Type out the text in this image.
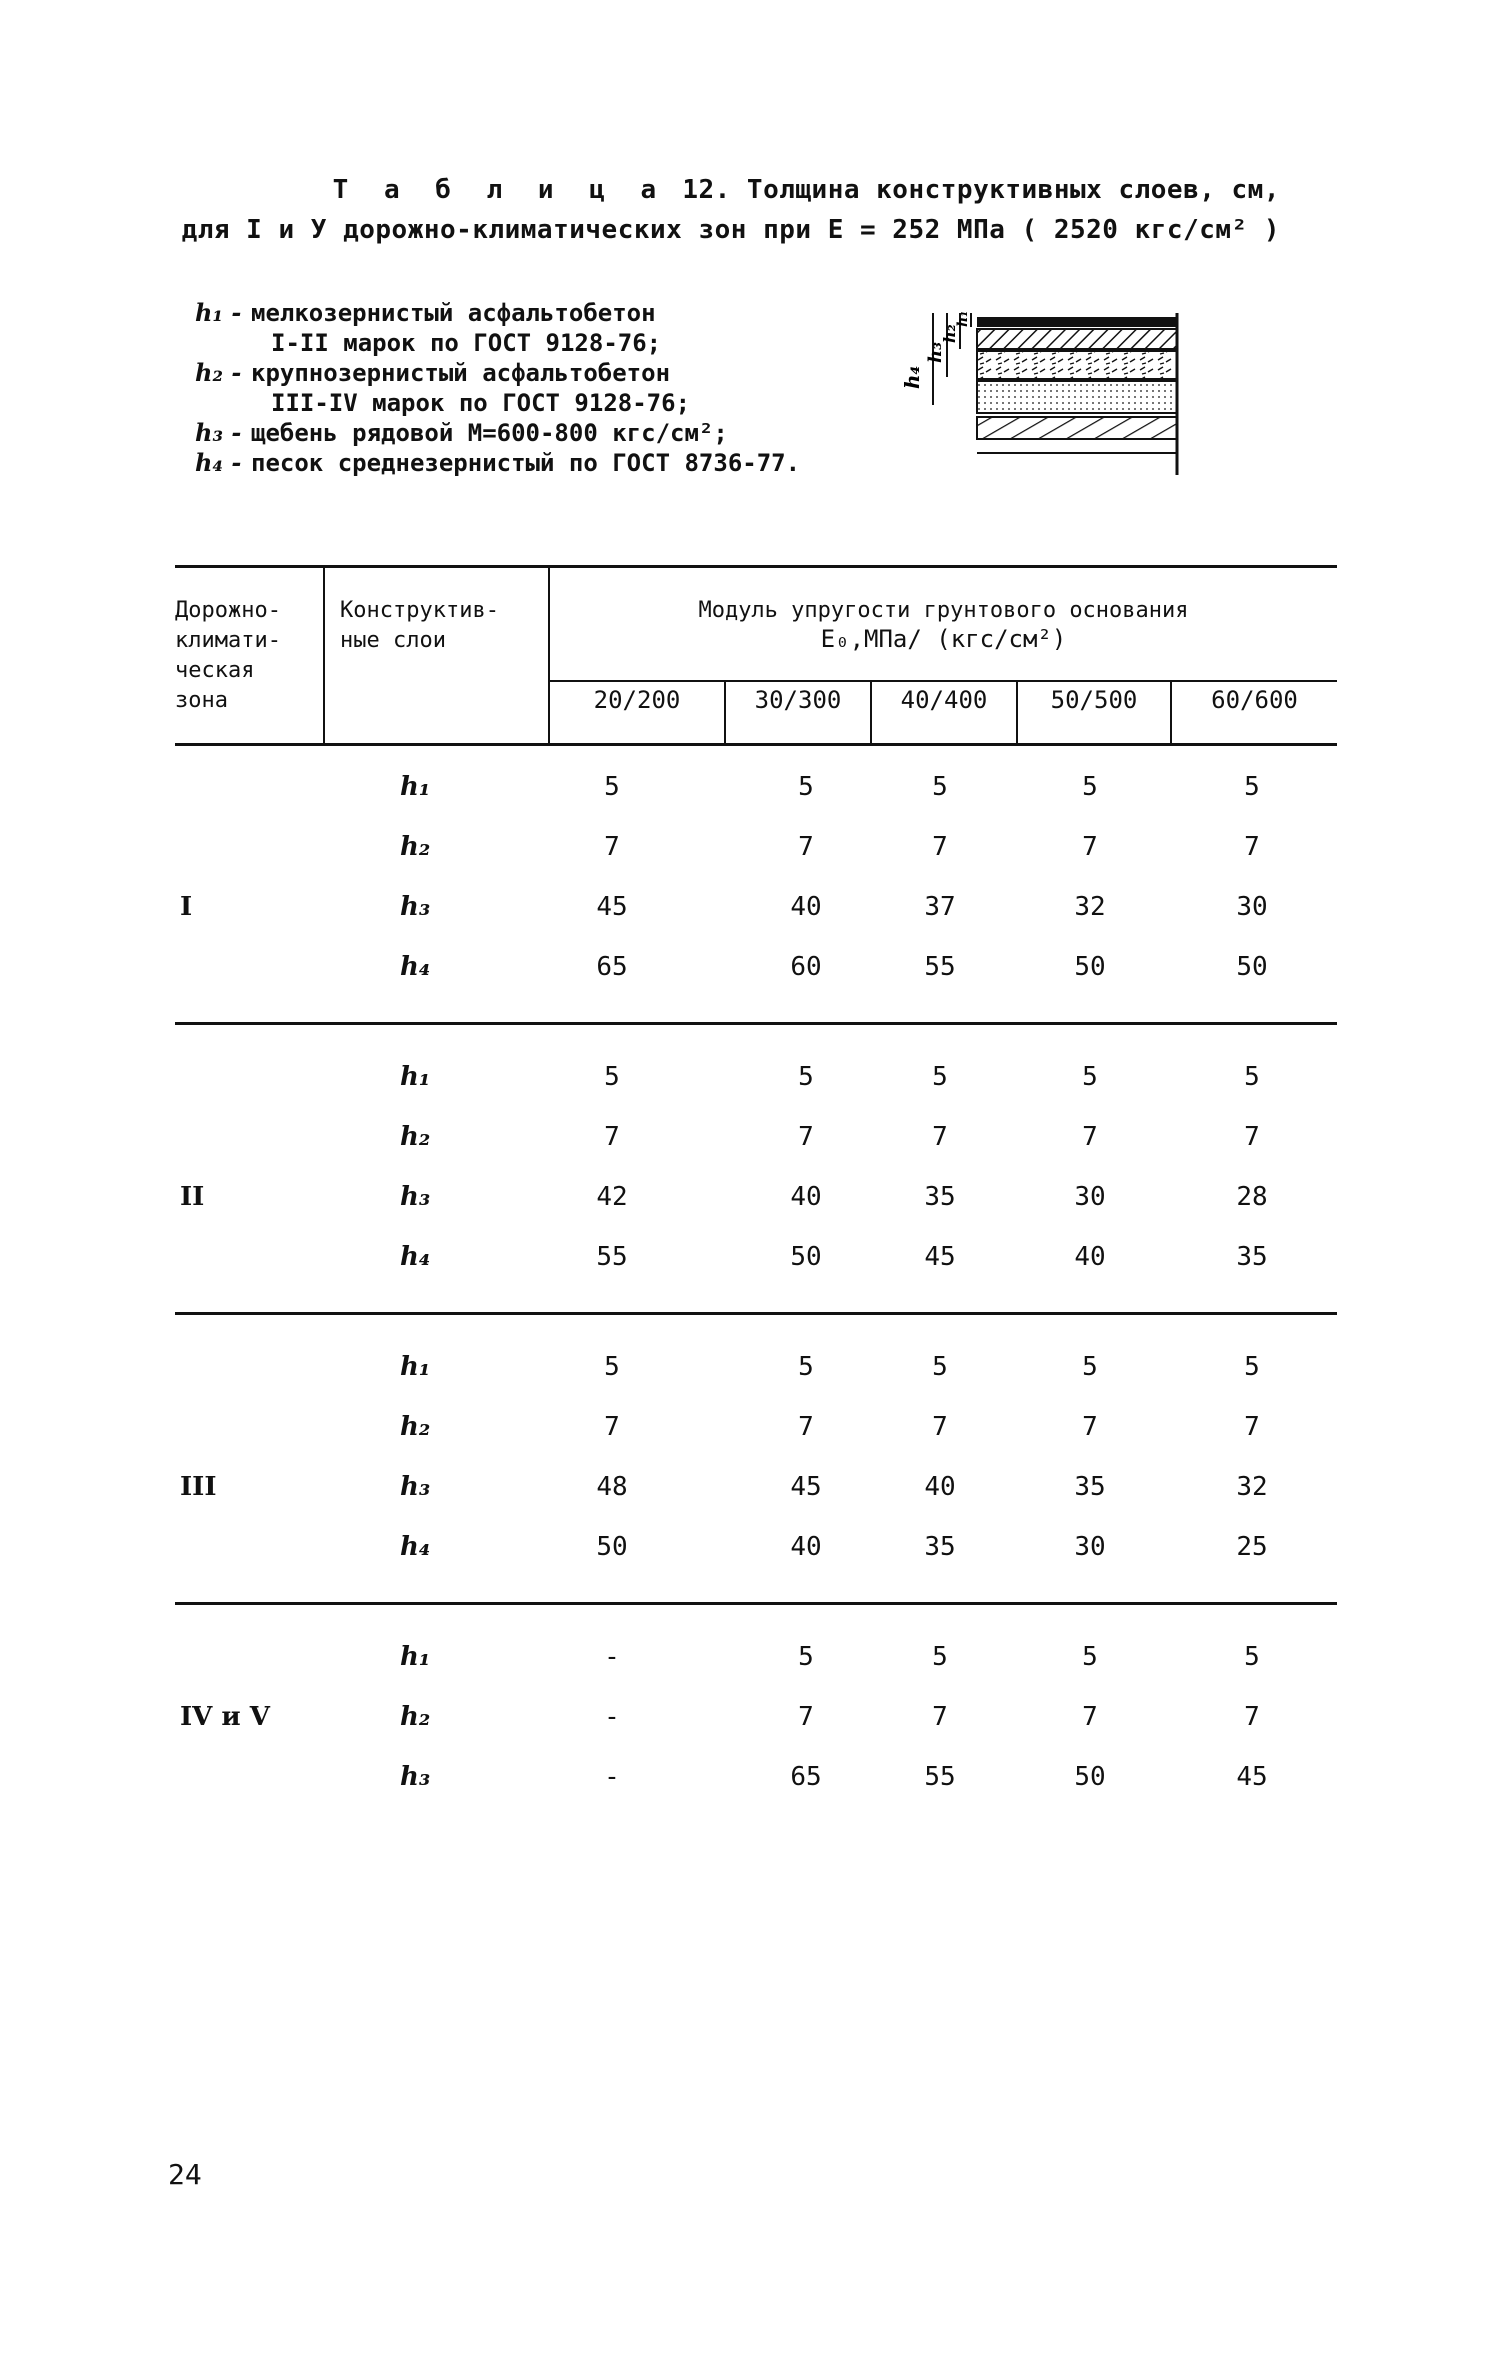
Т а б л и ц а 12. Толщина конструктивных слоев, см,
для I и У дорожно-климатических зон при E = 252 МПа ( 2520 кгс/см² )
h₁ - мелкозернистый асфальтобетон
I-II марок по ГОСТ 9128-76;
h₂ - крупнозернистый асфальтобетон
III-IV марок по ГОСТ 9128-76;
h₃ - щебень рядовой М=600-800 кгс/см²;
h₄ - песок среднезернистый по ГОСТ 8736-77.
h₄
h₃
h₂
h₁
Дорожно-
климати-
ческая
зона
Конструктив-
ные слои
Модуль упругости грунтового основания
E₀,МПа/ (кгс/см²)
20/200	30/300	40/400	50/500	60/600
h₁	5	5	5	5	5
h₂	7	7	7	7	7
h₃	45	40	37	32	30
h₄	65	60	55	50	50
I
h₁	5	5	5	5	5
h₂	7	7	7	7	7
h₃	42	40	35	30	28
h₄	55	50	45	40	35
II
h₁	5	5	5	5	5
h₂	7	7	7	7	7
h₃	48	45	40	35	32
h₄	50	40	35	30	25
III
h₁	-	5	5	5	5
h₂	-	7	7	7	7
h₃	-	65	55	50	45
IV и V
24
